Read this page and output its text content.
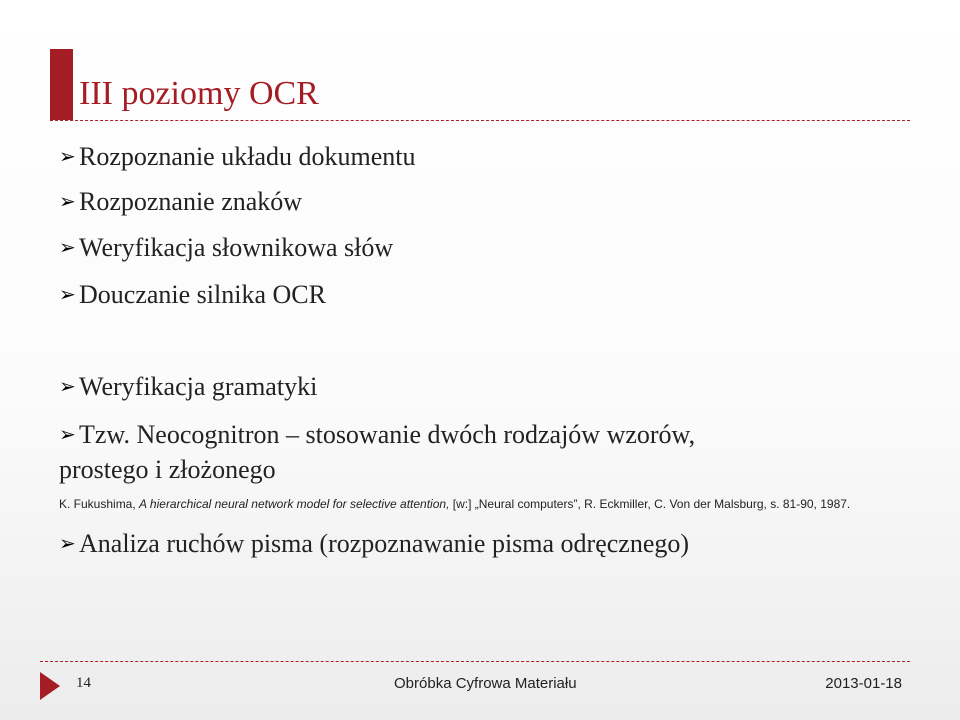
III poziomy OCR
➢ Rozpoznanie układu dokumentu
➢ Rozpoznanie znaków
➢ Weryfikacja słownikowa słów
➢ Douczanie silnika OCR
➢ Weryfikacja gramatyki
➢ Tzw. Neocognitron – stosowanie dwóch rodzajów wzorów,
prostego i złożonego
K. Fukushima, A hierarchical neural network model for selective attention, [w:] „Neural computers”, R. Eckmiller, C. Von der Malsburg, s. 81-90, 1987.
➢ Analiza ruchów pisma (rozpoznawanie pisma odręcznego)
14	Obróbka Cyfrowa Materiału	2013-01-18
